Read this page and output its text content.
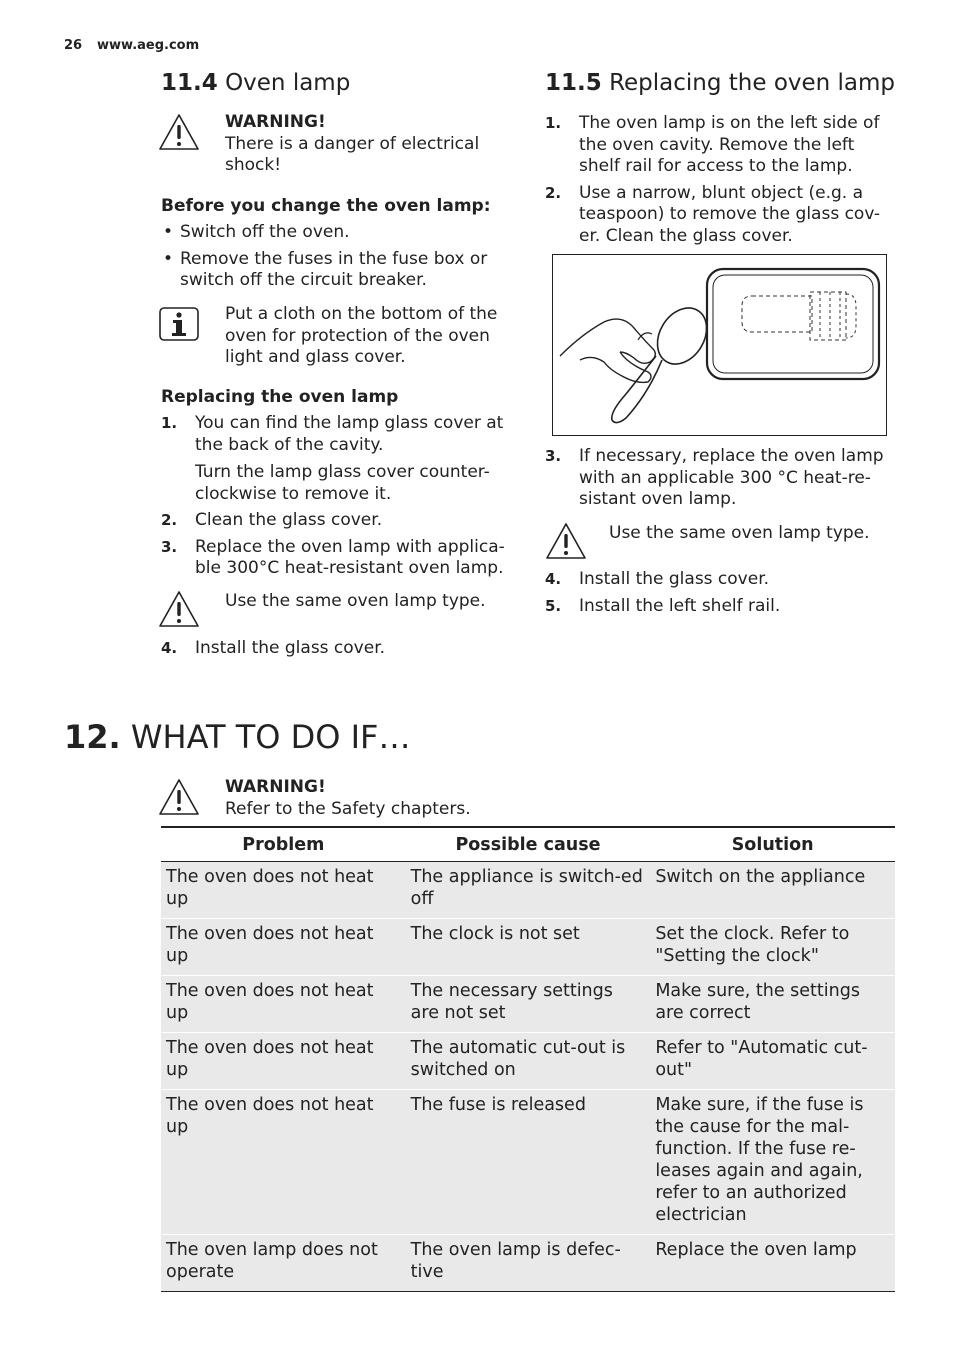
26 www.aeg.com
11.4 Oven lamp
WARNING!
There is a danger of electrical shock!
Before you change the oven lamp:
• Switch off the oven.
• Remove the fuses in the fuse box or switch off the circuit breaker.
Put a cloth on the bottom of the oven for protection of the oven light and glass cover.
Replacing the oven lamp
1. You can find the lamp glass cover at the back of the cavity.
Turn the lamp glass cover counter-clockwise to remove it.
2. Clean the glass cover.
3. Replace the oven lamp with applica-ble 300°C heat-resistant oven lamp.
Use the same oven lamp type.
4. Install the glass cover.
11.5 Replacing the oven lamp
1. The oven lamp is on the left side of the oven cavity. Remove the left shelf rail for access to the lamp.
2. Use a narrow, blunt object (e.g. a teaspoon) to remove the glass cov-er. Clean the glass cover.
3. If necessary, replace the oven lamp with an applicable 300 °C heat-re-sistant oven lamp.
Use the same oven lamp type.
4. Install the glass cover.
5. Install the left shelf rail.
12. WHAT TO DO IF…
WARNING!
Refer to the Safety chapters.
Problem	Possible cause	Solution
The oven does not heat up	The appliance is switch-ed off	Switch on the appliance
The oven does not heat up	The clock is not set	Set the clock. Refer to "Setting the clock"
The oven does not heat up	The necessary settings are not set	Make sure, the settings are correct
The oven does not heat up	The automatic cut-out is switched on	Refer to "Automatic cut-out"
The oven does not heat up	The fuse is released	Make sure, if the fuse is the cause for the mal-function. If the fuse re-leases again and again, refer to an authorized electrician
The oven lamp does not operate	The oven lamp is defec-tive	Replace the oven lamp
